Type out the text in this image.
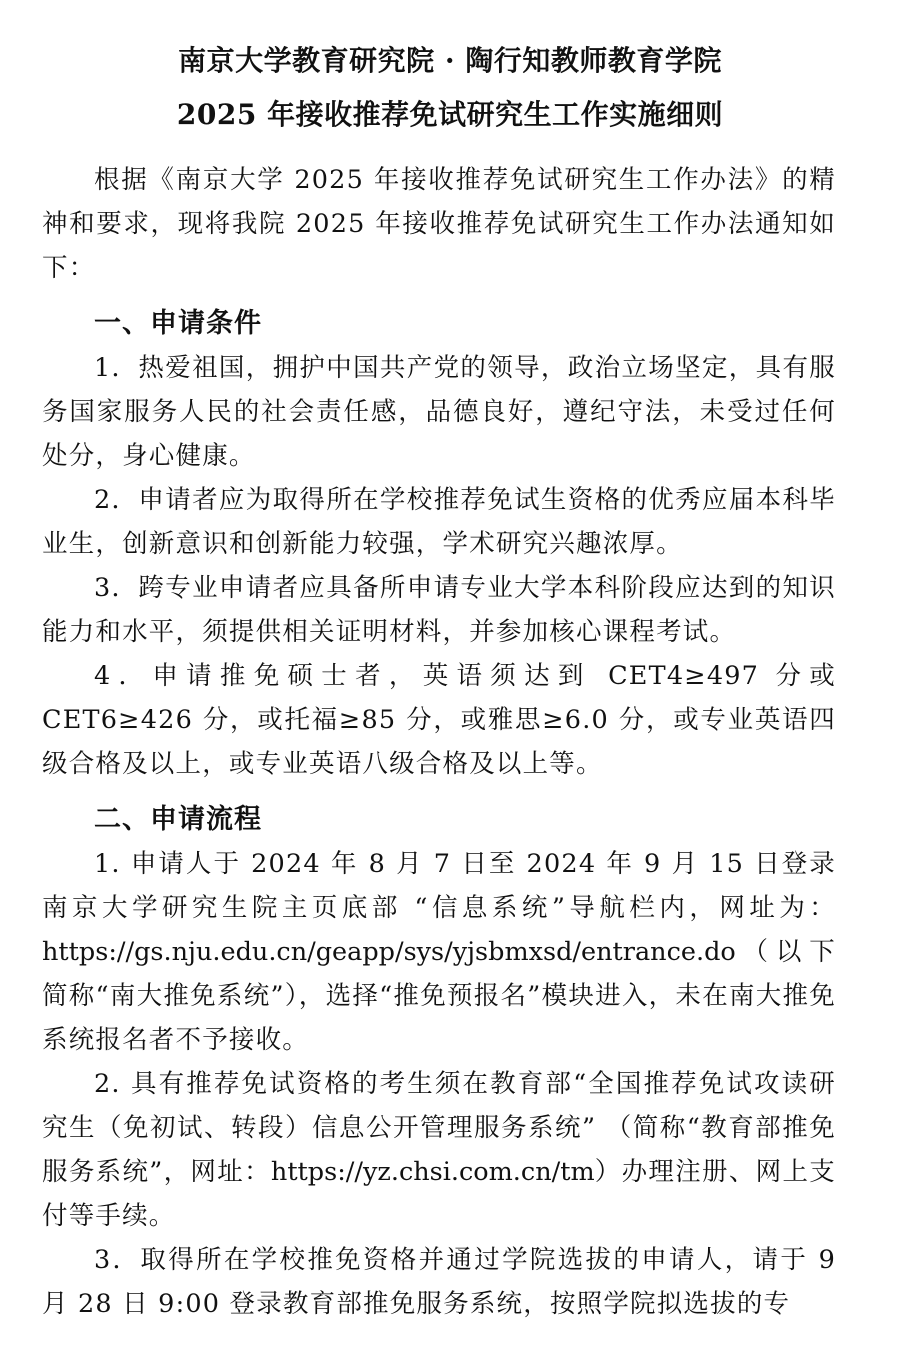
南京大学教育研究院 · 陶行知教师教育学院
2025 年接收推荐免试研究生工作实施细则

根据《南京大学 2025 年接收推荐免试研究生工作办法》的精神和要求，现将我院 2025 年接收推荐免试研究生工作办法通知如下：

一、申请条件

1．热爱祖国，拥护中国共产党的领导，政治立场坚定，具有服务国家服务人民的社会责任感，品德良好，遵纪守法，未受过任何处分，身心健康。

2．申请者应为取得所在学校推荐免试生资格的优秀应届本科毕业生，创新意识和创新能力较强，学术研究兴趣浓厚。

3．跨专业申请者应具备所申请专业大学本科阶段应达到的知识能力和水平，须提供相关证明材料，并参加核心课程考试。

4．申请推免硕士者，英语须达到 CET4≥497 分或 CET6≥426 分，或托福≥85 分，或雅思≥6.0 分，或专业英语四级合格及以上，或专业英语八级合格及以上等。

二、申请流程

1. 申请人于 2024 年 8 月 7 日至 2024 年 9 月 15 日登录南京大学研究生院主页底部 “信息系统”导航栏内，网址为：https://gs.nju.edu.cn/geapp/sys/yjsbmxsd/entrance.do（以下简称“南大推免系统”），选择“推免预报名”模块进入，未在南大推免系统报名者不予接收。

2. 具有推荐免试资格的考生须在教育部“全国推荐免试攻读研究生（免初试、转段）信息公开管理服务系统” （简称“教育部推免服务系统”，网址：https://yz.chsi.com.cn/tm）办理注册、网上支付等手续。

3．取得所在学校推免资格并通过学院选拔的申请人，请于 9 月 28 日 9:00 登录教育部推免服务系统，按照学院拟选拔的专
